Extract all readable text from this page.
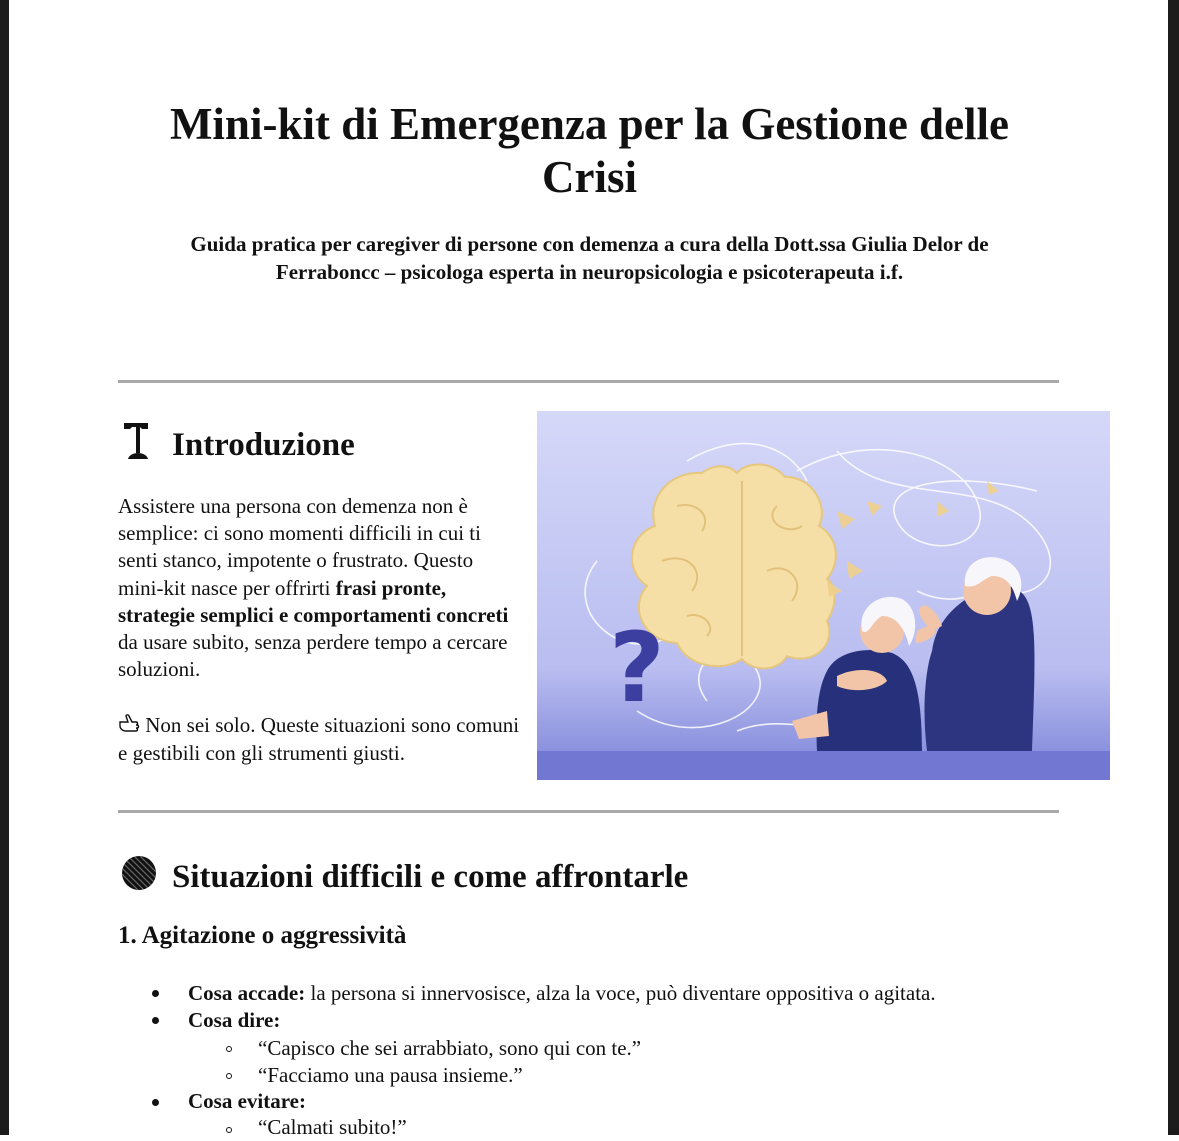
Mini-kit di Emergenza per la Gestione delle
Crisi

Guida pratica per caregiver di persone con demenza a cura della Dott.ssa Giulia Delor de
Ferraboncc – psicologa esperta in neuropsicologia e psicoterapeuta i.f.

Introduzione

Assistere una persona con demenza non è semplice: ci sono momenti difficili in cui ti senti stanco, impotente o frustrato. Questo mini-kit nasce per offrirti frasi pronte, strategie semplici e comportamenti concreti da usare subito, senza perdere tempo a cercare soluzioni.

Non sei solo. Queste situazioni sono comuni e gestibili con gli strumenti giusti.

?
Situazioni difficili e come affrontarle
1. Agitazione o aggressività
Cosa accade: la persona si innervosisce, alza la voce, può diventare oppositiva o agitata.
Cosa dire:
“Capisco che sei arrabbiato, sono qui con te.”
“Facciamo una pausa insieme.”
Cosa evitare:
“Calmati subito!”
